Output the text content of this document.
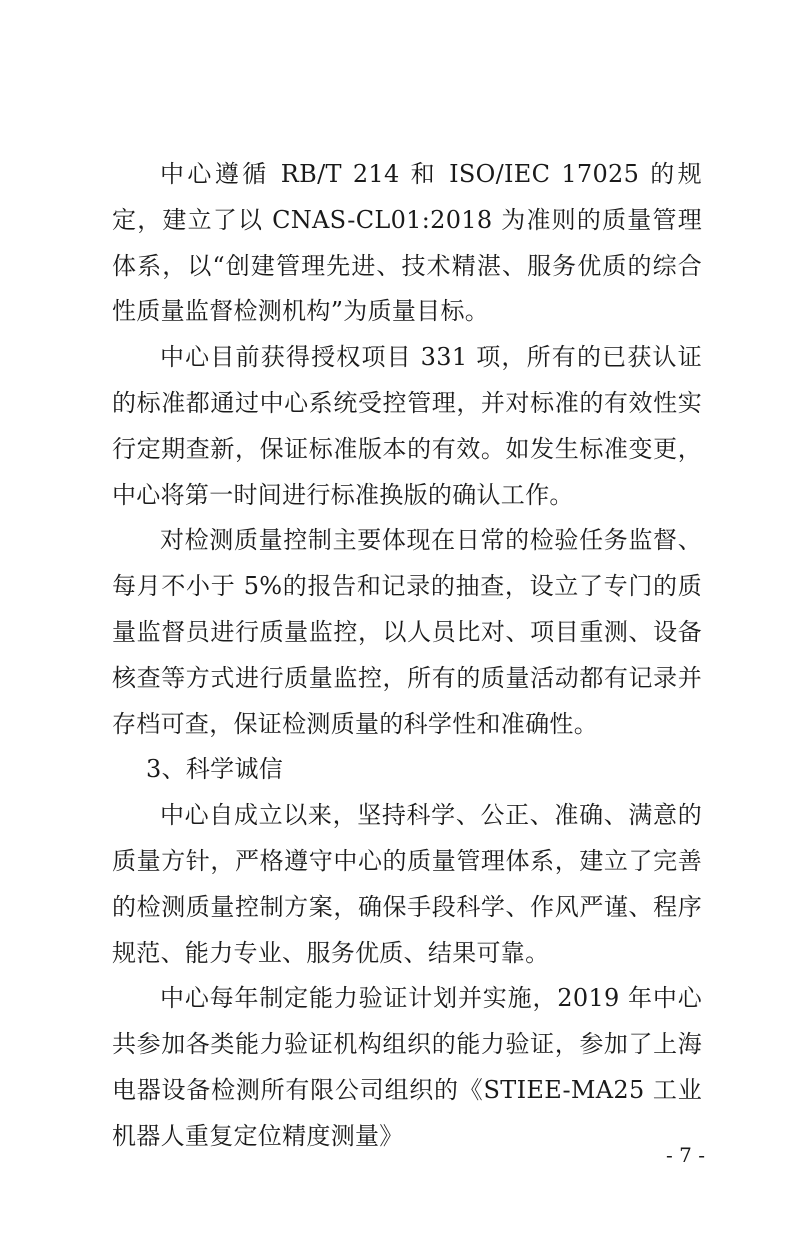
中心遵循 RB/T 214 和 ISO/IEC 17025 的规定，建立了以 CNAS-CL01:2018 为准则的质量管理体系，以“创建管理先进、技术精湛、服务优质的综合性质量监督检测机构”为质量目标。

中心目前获得授权项目 331 项，所有的已获认证的标准都通过中心系统受控管理，并对标准的有效性实行定期查新，保证标准版本的有效。如发生标准变更，中心将第一时间进行标准换版的确认工作。

对检测质量控制主要体现在日常的检验任务监督、每月不小于 5%的报告和记录的抽查，设立了专门的质量监督员进行质量监控，以人员比对、项目重测、设备核查等方式进行质量监控，所有的质量活动都有记录并存档可查，保证检测质量的科学性和准确性。

3、科学诚信

中心自成立以来，坚持科学、公正、准确、满意的质量方针，严格遵守中心的质量管理体系，建立了完善的检测质量控制方案，确保手段科学、作风严谨、程序规范、能力专业、服务优质、结果可靠。

中心每年制定能力验证计划并实施，2019 年中心共参加各类能力验证机构组织的能力验证，参加了上海电器设备检测所有限公司组织的《STIEE-MA25 工业机器人重复定位精度测量》

- 7 -
